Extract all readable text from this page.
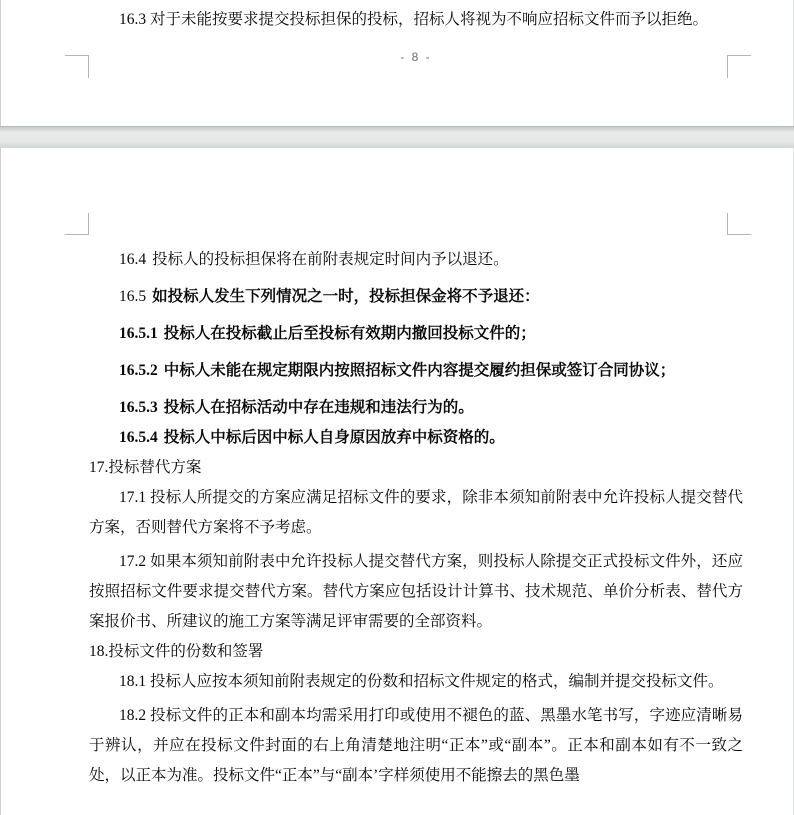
16.3 对于未能按要求提交投标担保的投标，招标人将视为不响应招标文件而予以拒绝。

- 8 -

16.4 投标人的投标担保将在前附表规定时间内予以退还。

16.5 如投标人发生下列情况之一时，投标担保金将不予退还：

16.5.1 投标人在投标截止后至投标有效期内撤回投标文件的；

16.5.2 中标人未能在规定期限内按照招标文件内容提交履约担保或签订合同协议；

16.5.3 投标人在招标活动中存在违规和违法行为的。

16.5.4 投标人中标后因中标人自身原因放弃中标资格的。

17.投标替代方案

17.1 投标人所提交的方案应满足招标文件的要求，除非本须知前附表中允许投标人提交替代方案，否则替代方案将不予考虑。

17.2 如果本须知前附表中允许投标人提交替代方案，则投标人除提交正式投标文件外，还应按照招标文件要求提交替代方案。替代方案应包括设计计算书、技术规范、单价分析表、替代方案报价书、所建议的施工方案等满足评审需要的全部资料。

18.投标文件的份数和签署

18.1 投标人应按本须知前附表规定的份数和招标文件规定的格式，编制并提交投标文件。

18.2 投标文件的正本和副本均需采用打印或使用不褪色的蓝、黑墨水笔书写，字迹应清晰易于辨认，并应在投标文件封面的右上角清楚地注明“正本”或“副本”。正本和副本如有不一致之处，以正本为准。投标文件“正本”与“副本’字样须使用不能擦去的黑色墨
